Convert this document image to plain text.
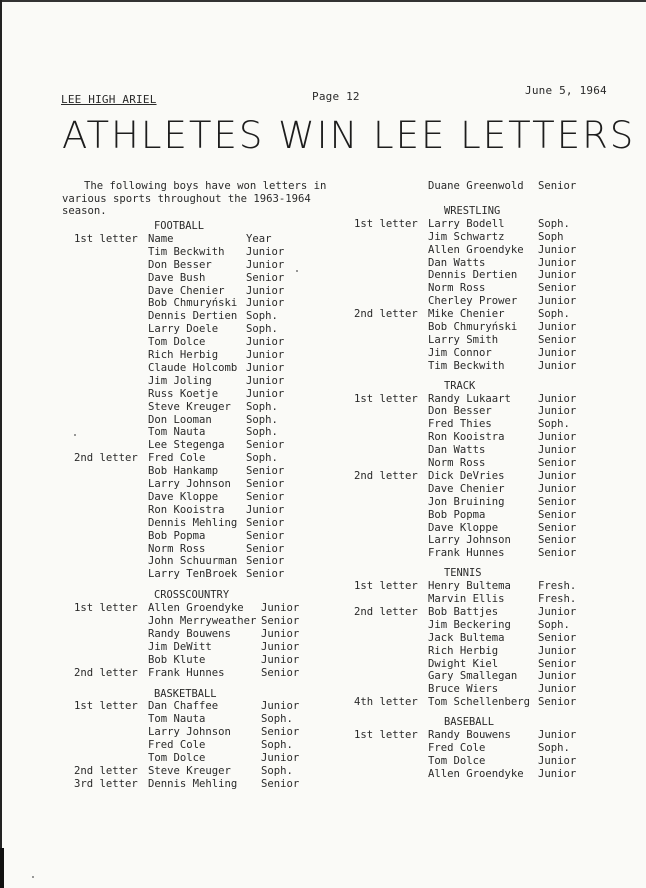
LEE HIGH ARIEL	Page 12	June 5, 1964
ATHLETES WIN LEE LETTERS

The following boys have won letters in

various sports throughout the 1963-1964

season.

FOOTBALL
1st letter Name	Year
Tim Beckwith Junior
Don Besser	Junior
Dave Bush	Senior
Dave Chenier Junior
Bob Chmuryński Junior
Dennis Dertien Soph.
Larry Doele	Soph.
Tom Dolce	Junior
Rich Herbig	Junior
Claude Holcomb Junior
Jim Joling	Junior
Russ Koetje	Junior
Steve Kreuger Soph.
Don Looman	Soph.
Tom Nauta	Soph.
Lee Stegenga Senior
2nd letter Fred Cole	Soph.
Bob Hankamp	Senior
Larry Johnson Senior
Dave Kloppe	Senior
Ron Kooistra Junior
Dennis Mehling Senior
Bob Popma	Senior
Norm Ross	Senior
John Schuurman Senior
Larry TenBroek Senior
CROSSCOUNTRY
1st letter Allen Groendyke Junior
John Merryweather Senior
Randy Bouwens	Junior
Jim DeWitt	Junior
Bob Klute	Junior
2nd letter Frank Hunnes	Senior
BASKETBALL
1st letter Dan Chaffee	Junior
Tom Nauta	Soph.
Larry Johnson	Senior
Fred Cole	Soph.
Tom Dolce	Junior
2nd letter Steve Kreuger	Soph.
3rd letter Dennis Mehling Senior
Duane Greenwold Senior
WRESTLING
1st letter Larry Bodell	Soph.
Jim Schwartz	Soph
Allen Groendyke Junior
Dan Watts	Junior
Dennis Dertien Junior
Norm Ross	Senior
Cherley Prower Junior
2nd letter Mike Chenier	Soph.
Bob Chmuryński Junior
Larry Smith	Senior
Jim Connor	Junior
Tim Beckwith	Junior
TRACK
1st letter Randy Lukaart	Junior
Don Besser	Junior
Fred Thies	Soph.
Ron Kooistra	Junior
Dan Watts	Junior
Norm Ross	Senior
2nd letter Dick DeVries	Junior
Dave Chenier	Junior
Jon Bruining	Senior
Bob Popma	Senior
Dave Kloppe	Senior
Larry Johnson	Senior
Frank Hunnes	Senior
TENNIS
1st letter Henry Bultema	Fresh.
Marvin Ellis	Fresh.
2nd letter Bob Battjes	Junior
Jim Beckering	Soph.
Jack Bultema	Senior
Rich Herbig	Junior
Dwight Kiel	Senior
Gary Smallegan Junior
Bruce Wiers	Junior
4th letter Tom Schellenberg Senior
BASEBALL
1st letter Randy Bouwens	Junior
Fred Cole	Soph.
Tom Dolce	Junior
Allen Groendyke Junior
